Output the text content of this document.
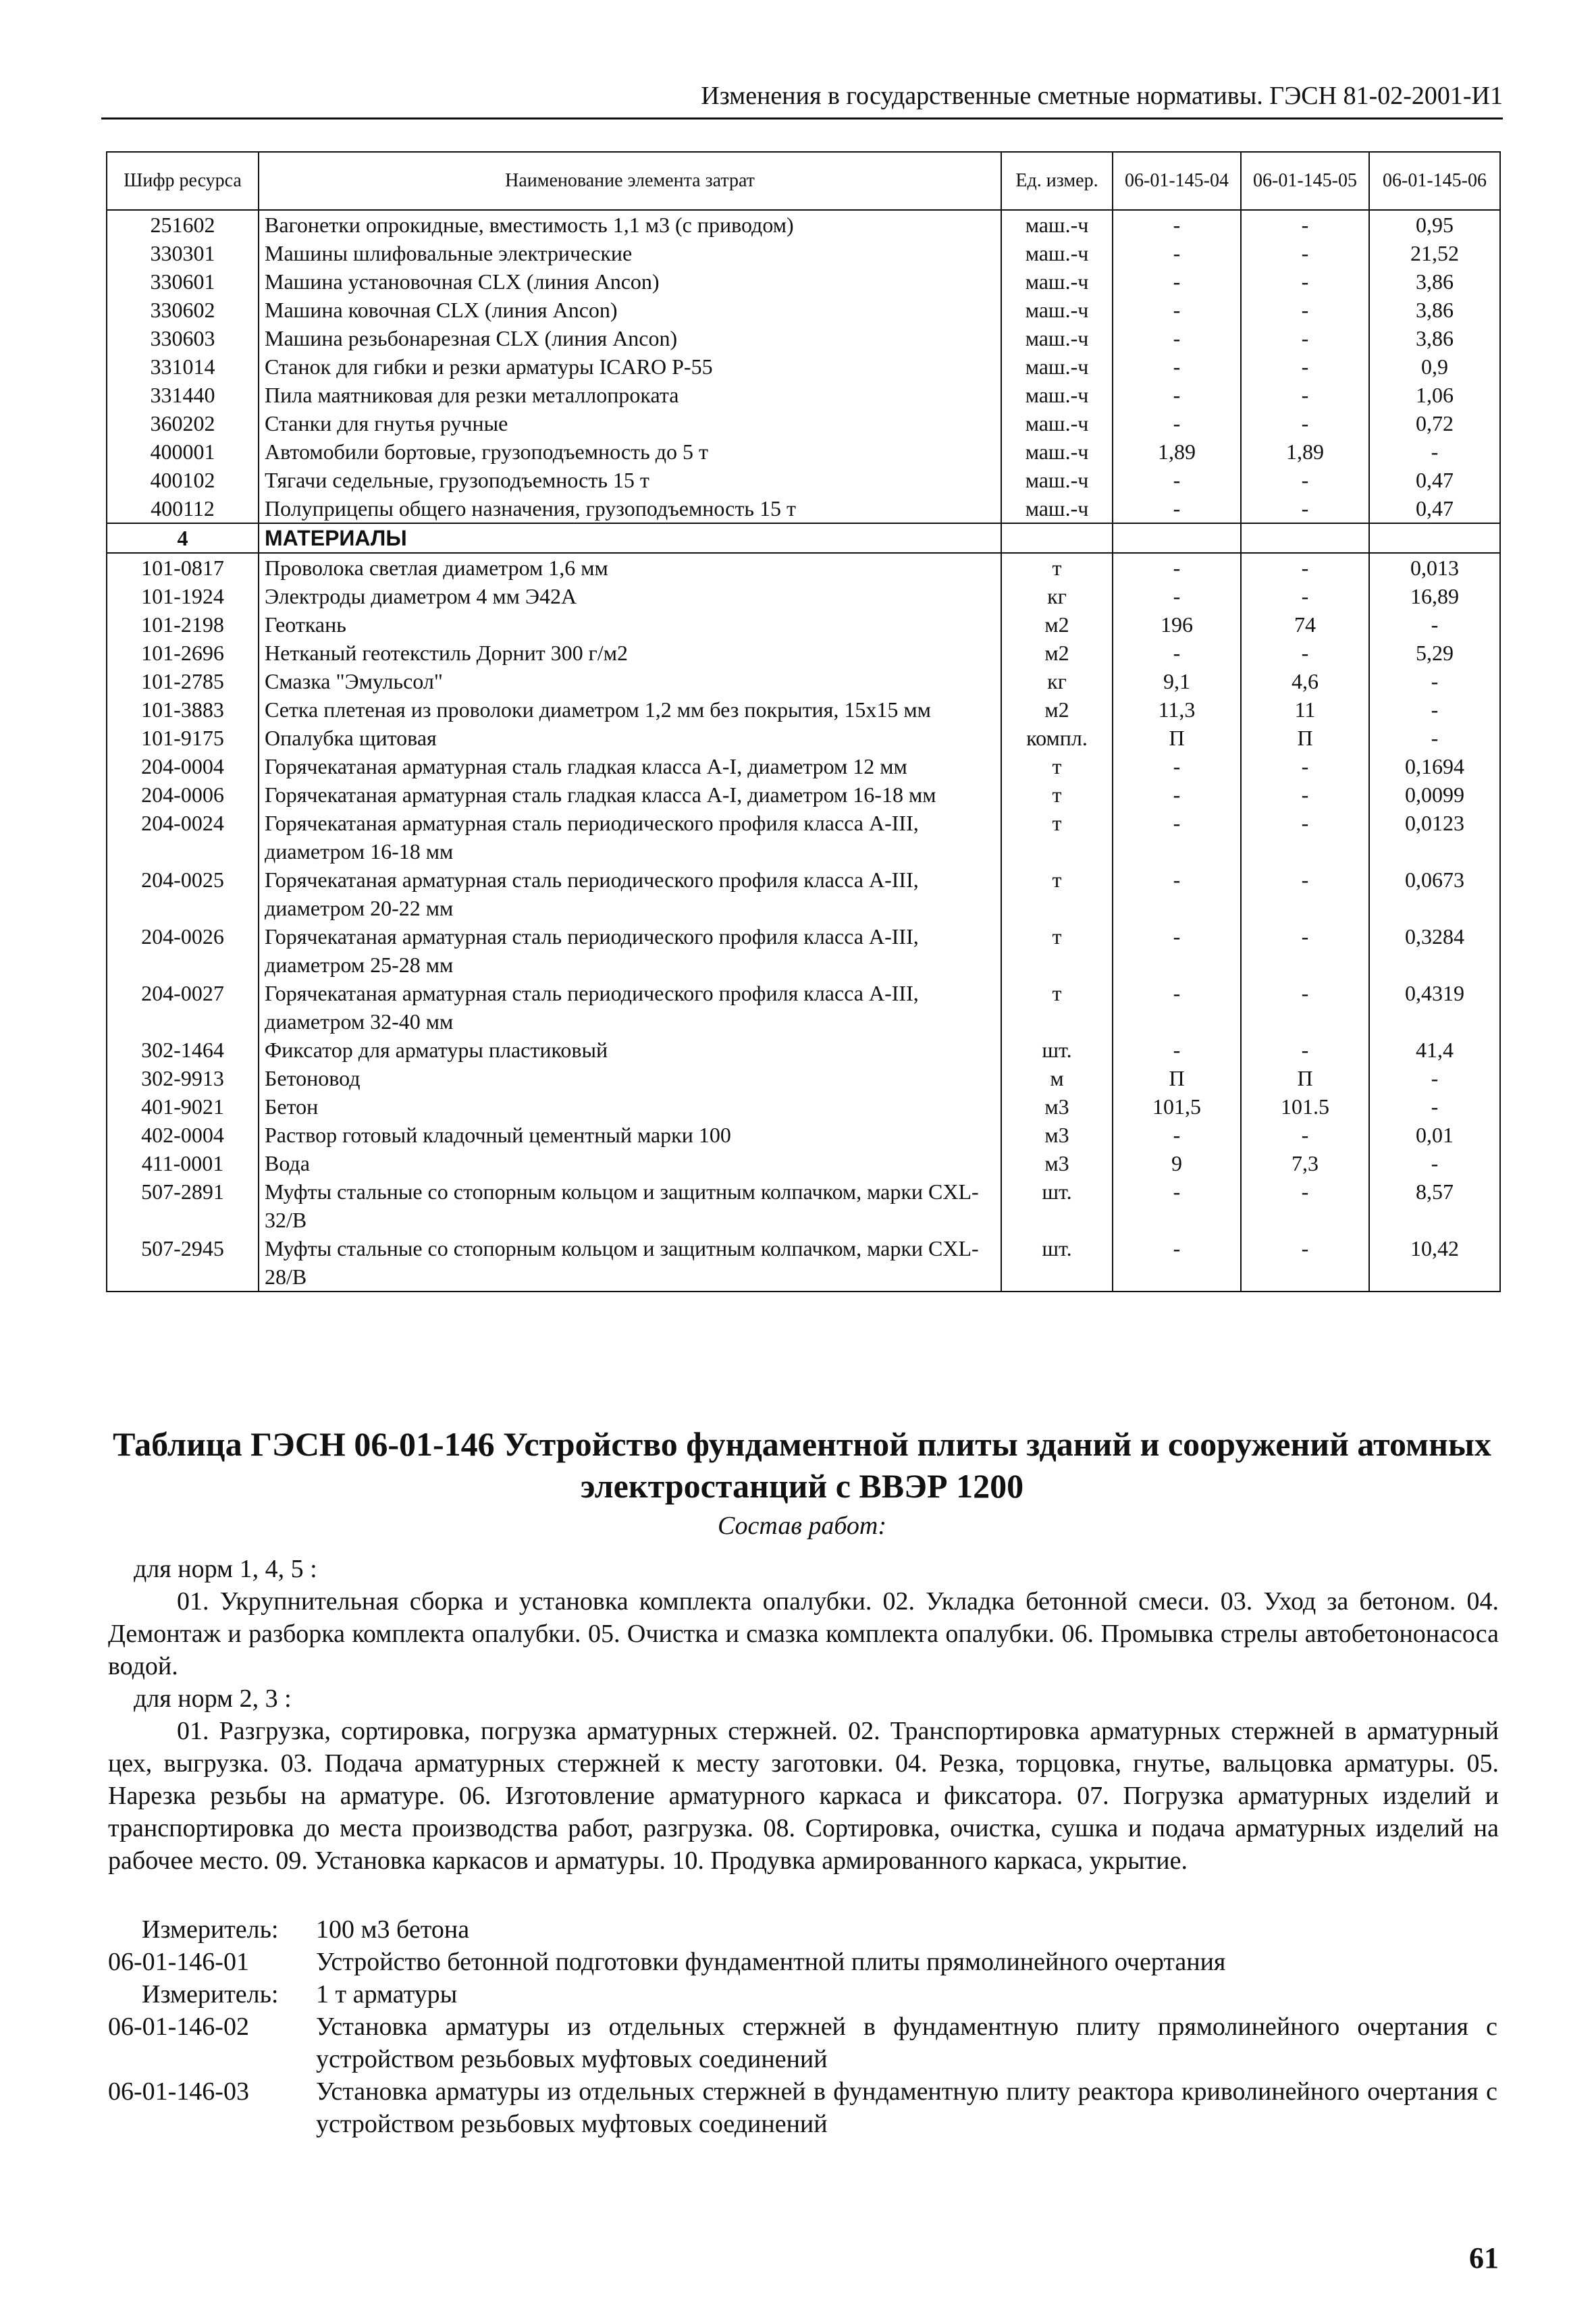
Изменения в государственные сметные нормативы. ГЭСН 81-02-2001-И1
Шифр ресурса	Наименование элемента затрат	Ед. измер.	06-01-145-04	06-01-145-05	06-01-145-06
251602	Вагонетки опрокидные, вместимость 1,1 м3 (с приводом)	маш.-ч	-	-	0,95
330301	Машины шлифовальные электрические	маш.-ч	-	-	21,52
330601	Машина установочная CLX (линия Ancon)	маш.-ч	-	-	3,86
330602	Машина ковочная CLX (линия Ancon)	маш.-ч	-	-	3,86
330603	Машина резьбонарезная CLX (линия Ancon)	маш.-ч	-	-	3,86
331014	Станок для гибки и резки арматуры ICARO P-55	маш.-ч	-	-	0,9
331440	Пила маятниковая для резки металлопроката	маш.-ч	-	-	1,06
360202	Станки для гнутья ручные	маш.-ч	-	-	0,72
400001	Автомобили бортовые, грузоподъемность до 5 т	маш.-ч	1,89	1,89	-
400102	Тягачи седельные, грузоподъемность 15 т	маш.-ч	-	-	0,47
400112	Полуприцепы общего назначения, грузоподъемность 15 т	маш.-ч	-	-	0,47
4	МАТЕРИАЛЫ				
101-0817	Проволока светлая диаметром 1,6 мм	т	-	-	0,013
101-1924	Электроды диаметром 4 мм Э42А	кг	-	-	16,89
101-2198	Геоткань	м2	196	74	-
101-2696	Нетканый геотекстиль Дорнит 300 г/м2	м2	-	-	5,29
101-2785	Смазка "Эмульсол"	кг	9,1	4,6	-
101-3883	Сетка плетеная из проволоки диаметром 1,2 мм без покрытия, 15х15 мм	м2	11,3	11	-
101-9175	Опалубка щитовая	компл.	П	П	-
204-0004	Горячекатаная арматурная сталь гладкая класса A-I, диаметром 12 мм	т	-	-	0,1694
204-0006	Горячекатаная арматурная сталь гладкая класса A-I, диаметром 16-18 мм	т	-	-	0,0099
204-0024	Горячекатаная арматурная сталь периодического профиля класса A-III, диаметром 16-18 мм	т	-	-	0,0123
204-0025	Горячекатаная арматурная сталь периодического профиля класса A-III, диаметром 20-22 мм	т	-	-	0,0673
204-0026	Горячекатаная арматурная сталь периодического профиля класса A-III, диаметром 25-28 мм	т	-	-	0,3284
204-0027	Горячекатаная арматурная сталь периодического профиля класса A-III, диаметром 32-40 мм	т	-	-	0,4319
302-1464	Фиксатор для арматуры пластиковый	шт.	-	-	41,4
302-9913	Бетоновод	м	П	П	-
401-9021	Бетон	м3	101,5	101.5	-
402-0004	Раствор готовый кладочный цементный марки 100	м3	-	-	0,01
411-0001	Вода	м3	9	7,3	-
507-2891	Муфты стальные со стопорным кольцом и защитным колпачком, марки CXL-32/B	шт.	-	-	8,57
507-2945	Муфты стальные со стопорным кольцом и защитным колпачком, марки CXL-28/B	шт.	-	-	10,42
Таблица ГЭСН 06-01-146 Устройство фундаментной плиты зданий и сооружений атомных электростанций с ВВЭР 1200
Состав работ:
для норм 1, 4, 5 :
01. Укрупнительная сборка и установка комплекта опалубки. 02. Укладка бетонной смеси. 03. Уход за бетоном. 04. Демонтаж и разборка комплекта опалубки. 05. Очистка и смазка комплекта опалубки. 06. Промывка стрелы автобетононасоса водой.
для норм 2, 3 :
01. Разгрузка, сортировка, погрузка арматурных стержней. 02. Транспортировка арматурных стержней в арматурный цех, выгрузка. 03. Подача арматурных стержней к месту заготовки. 04. Резка, торцовка, гнутье, вальцовка арматуры. 05. Нарезка резьбы на арматуре. 06. Изготовление арматурного каркаса и фиксатора. 07. Погрузка арматурных изделий и транспортировка до места производства работ, разгрузка. 08. Сортировка, очистка, сушка и подача арматурных изделий на рабочее место. 09. Установка каркасов и арматуры. 10. Продувка армированного каркаса, укрытие.
Измеритель: 100 м3 бетона
06-01-146-01	Устройство бетонной подготовки фундаментной плиты прямолинейного очертания
Измеритель: 1 т арматуры
06-01-146-02	Установка арматуры из отдельных стержней в фундаментную плиту прямолинейного очертания с устройством резьбовых муфтовых соединений
06-01-146-03	Установка арматуры из отдельных стержней в фундаментную плиту реактора криволинейного очертания с устройством резьбовых муфтовых соединений
61
